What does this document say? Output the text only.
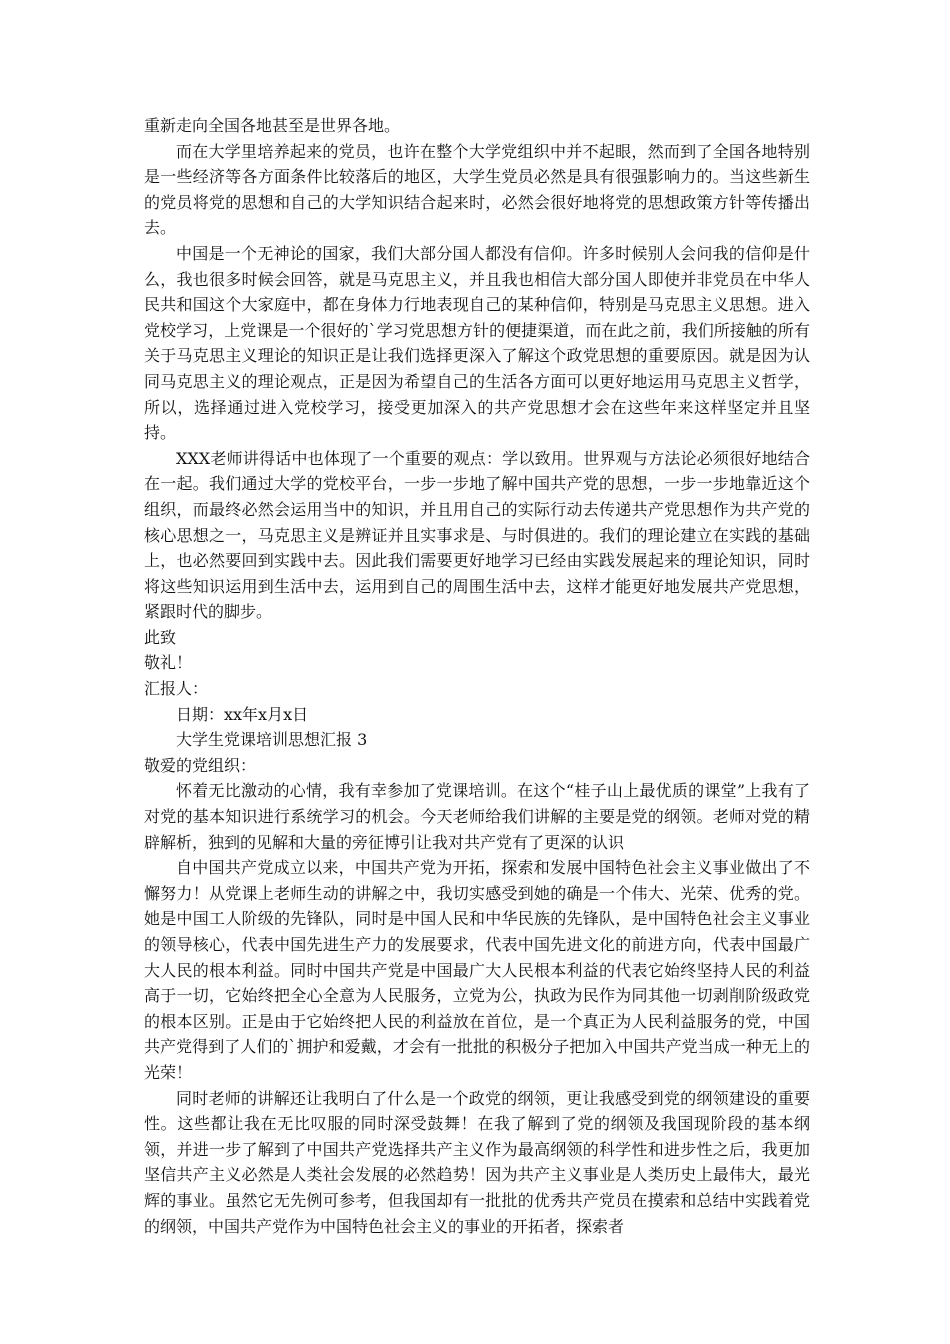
重新走向全国各地甚至是世界各地。

而在大学里培养起来的党员，也许在整个大学党组织中并不起眼，然而到了全国各地特别是一些经济等各方面条件比较落后的地区，大学生党员必然是具有很强影响力的。当这些新生的党员将党的思想和自己的大学知识结合起来时，必然会很好地将党的思想政策方针等传播出去。

中国是一个无神论的国家，我们大部分国人都没有信仰。许多时候别人会问我的信仰是什么，我也很多时候会回答，就是马克思主义，并且我也相信大部分国人即使并非党员在中华人民共和国这个大家庭中，都在身体力行地表现自己的某种信仰，特别是马克思主义思想。进入党校学习，上党课是一个很好的`学习党思想方针的便捷渠道，而在此之前，我们所接触的所有关于马克思主义理论的知识正是让我们选择更深入了解这个政党思想的重要原因。就是因为认同马克思主义的理论观点，正是因为希望自己的生活各方面可以更好地运用马克思主义哲学，所以，选择通过进入党校学习，接受更加深入的共产党思想才会在这些年来这样坚定并且坚持。

XXX老师讲得话中也体现了一个重要的观点：学以致用。世界观与方法论必须很好地结合在一起。我们通过大学的党校平台，一步一步地了解中国共产党的思想，一步一步地靠近这个组织，而最终必然会运用当中的知识，并且用自己的实际行动去传递共产党思想作为共产党的核心思想之一，马克思主义是辨证并且实事求是、与时俱进的。我们的理论建立在实践的基础上，也必然要回到实践中去。因此我们需要更好地学习已经由实践发展起来的理论知识，同时将这些知识运用到生活中去，运用到自己的周围生活中去，这样才能更好地发展共产党思想，紧跟时代的脚步。

此致

敬礼！

汇报人：

日期：xx年x月x日

大学生党课培训思想汇报 3

敬爱的党组织：

怀着无比激动的心情，我有幸参加了党课培训。在这个“桂子山上最优质的课堂”上我有了对党的基本知识进行系统学习的机会。今天老师给我们讲解的主要是党的纲领。老师对党的精辟解析，独到的见解和大量的旁征博引让我对共产党有了更深的认识

自中国共产党成立以来，中国共产党为开拓，探索和发展中国特色社会主义事业做出了不懈努力！从党课上老师生动的讲解之中，我切实感受到她的确是一个伟大、光荣、优秀的党。她是中国工人阶级的先锋队，同时是中国人民和中华民族的先锋队，是中国特色社会主义事业的领导核心，代表中国先进生产力的发展要求，代表中国先进文化的前进方向，代表中国最广大人民的根本利益。同时中国共产党是中国最广大人民根本利益的代表它始终坚持人民的利益高于一切，它始终把全心全意为人民服务，立党为公，执政为民作为同其他一切剥削阶级政党的根本区别。正是由于它始终把人民的利益放在首位，是一个真正为人民利益服务的党，中国共产党得到了人们的`拥护和爱戴，才会有一批批的积极分子把加入中国共产党当成一种无上的光荣！

同时老师的讲解还让我明白了什么是一个政党的纲领，更让我感受到党的纲领建设的重要性。这些都让我在无比叹服的同时深受鼓舞！在我了解到了党的纲领及我国现阶段的基本纲领，并进一步了解到了中国共产党选择共产主义作为最高纲领的科学性和进步性之后，我更加坚信共产主义必然是人类社会发展的必然趋势！因为共产主义事业是人类历史上最伟大，最光辉的事业。虽然它无先例可参考，但我国却有一批批的优秀共产党员在摸索和总结中实践着党的纲领，中国共产党作为中国特色社会主义的事业的开拓者，探索者
